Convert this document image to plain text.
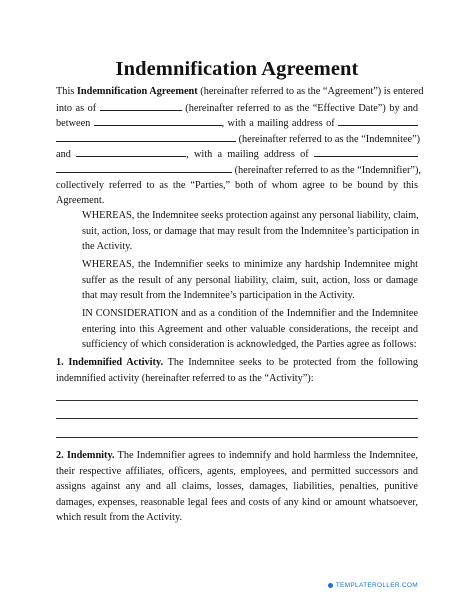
Indemnification Agreement
This Indemnification Agreement (hereinafter referred to as the “Agreement”) is entered
into as of	(hereinafter referred to as the “Effective Date”) by and
between	, with a mailing address of
(hereinafter referred to as the “Indemnitee”)
and	, with a mailing address of
(hereinafter referred to as the “Indemnifier”),
collectively referred to as the “Parties,” both of whom agree to be bound by this
Agreement.
WHEREAS, the Indemnitee seeks protection against any personal liability, claim,
suit, action, loss, or damage that may result from the Indemnitee’s participation in
the Activity.
WHEREAS, the Indemnifier seeks to minimize any hardship Indemnitee might
suffer as the result of any personal liability, claim, suit, action, loss or damage
that may result from the Indemnitee’s participation in the Activity.
IN CONSIDERATION and as a condition of the Indemnifier and the Indemnitee
entering into this Agreement and other valuable considerations, the receipt and
sufficiency of which consideration is acknowledged, the Parties agree as follows:
1. Indemnified Activity. The Indemnitee seeks to be protected from the following
indemnified activity (hereinafter referred to as the “Activity”):
2. Indemnity. The Indemnifier agrees to indemnify and hold harmless the Indemnitee,
their respective affiliates, officers, agents, employees, and permitted successors and
assigns against any and all claims, losses, damages, liabilities, penalties, punitive
damages, expenses, reasonable legal fees and costs of any kind or amount whatsoever,
which result from the Activity.
TEMPLATEROLLER.COM
